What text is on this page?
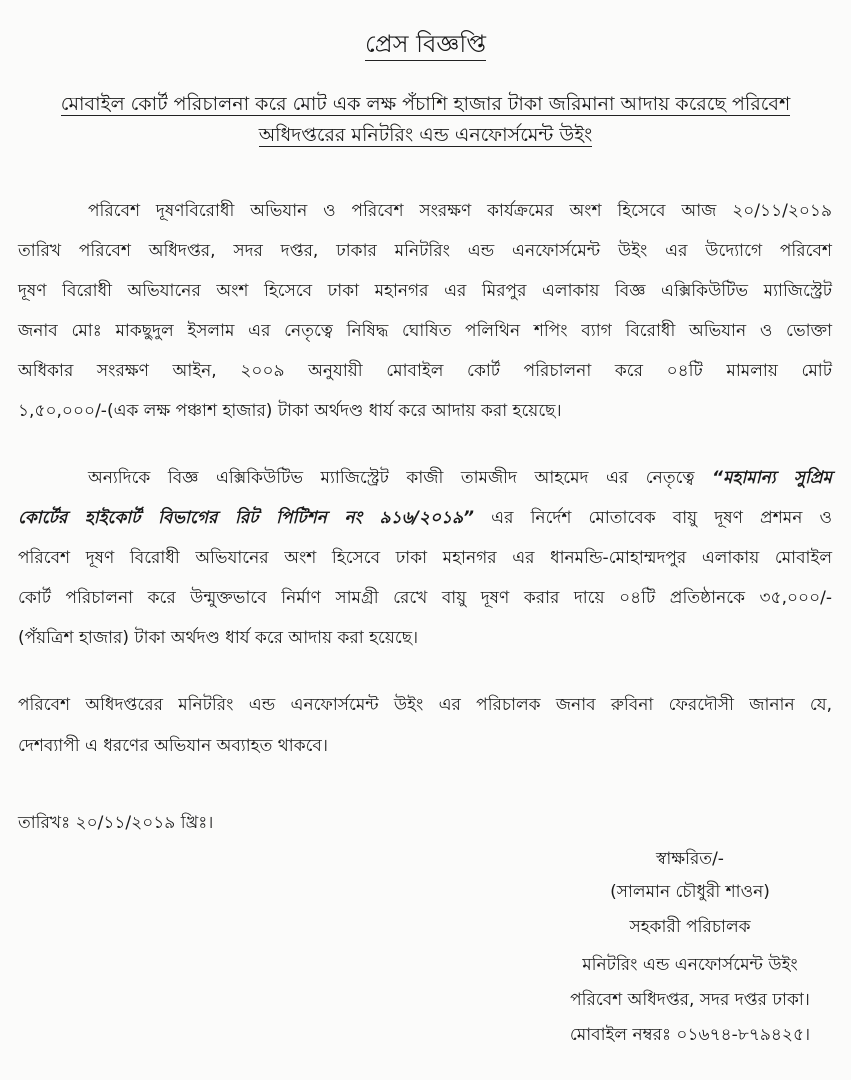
প্রেস বিজ্ঞপ্তি
মোবাইল কোর্ট পরিচালনা করে মোট এক লক্ষ পঁচাশি হাজার টাকা জরিমানা আদায় করেছে পরিবেশ
অধিদপ্তরের মনিটরিং এন্ড এনফোর্সমেন্ট উইং
পরিবেশ দূষণবিরোধী অভিযান ও পরিবেশ সংরক্ষণ কার্যক্রমের অংশ হিসেবে আজ ২০/১১/২০১৯
তারিখ পরিবেশ অধিদপ্তর, সদর দপ্তর, ঢাকার মনিটরিং এন্ড এনফোর্সমেন্ট উইং এর উদ্যোগে পরিবেশ
দূষণ বিরোধী অভিযানের অংশ হিসেবে ঢাকা মহানগর এর মিরপুর এলাকায় বিজ্ঞ এক্সিকিউটিভ ম্যাজিস্ট্রেট
জনাব মোঃ মাকছুদুল ইসলাম এর নেতৃত্বে নিষিদ্ধ ঘোষিত পলিথিন শপিং ব্যাগ বিরোধী অভিযান ও ভোক্তা
অধিকার সংরক্ষণ আইন, ২০০৯ অনুযায়ী মোবাইল কোর্ট পরিচালনা করে ০৪টি মামলায় মোট
১,৫০,০০০/-(এক লক্ষ পঞ্চাশ হাজার) টাকা অর্থদণ্ড ধার্য করে আদায় করা হয়েছে।
অন্যদিকে বিজ্ঞ এক্সিকিউটিভ ম্যাজিস্ট্রেট কাজী তামজীদ আহমেদ এর নেতৃত্বে “মহামান্য সুপ্রিম
কোর্টের হাইকোর্ট বিভাগের রিট পিটিশন নং ৯১৬/২০১৯” এর নির্দেশ মোতাবেক বায়ু দূষণ প্রশমন ও
পরিবেশ দূষণ বিরোধী অভিযানের অংশ হিসেবে ঢাকা মহানগর এর ধানমন্ডি-মোহাম্মদপুর এলাকায় মোবাইল
কোর্ট পরিচালনা করে উন্মুক্তভাবে নির্মাণ সামগ্রী রেখে বায়ু দূষণ করার দায়ে ০৪টি প্রতিষ্ঠানকে ৩৫,০০০/-
(পঁয়ত্রিশ হাজার) টাকা অর্থদণ্ড ধার্য করে আদায় করা হয়েছে।
পরিবেশ অধিদপ্তরের মনিটরিং এন্ড এনফোর্সমেন্ট উইং এর পরিচালক জনাব রুবিনা ফেরদৌসী জানান যে,
দেশব্যাপী এ ধরণের অভিযান অব্যাহত থাকবে।
তারিখঃ ২০/১১/২০১৯ খ্রিঃ।
স্বাক্ষরিত/-
(সালমান চৌধুরী শাওন)
সহকারী পরিচালক
মনিটরিং এন্ড এনফোর্সমেন্ট উইং
পরিবেশ অধিদপ্তর, সদর দপ্তর ঢাকা।
মোবাইল নম্বরঃ ০১৬৭৪-৮৭৯৪২৫।
